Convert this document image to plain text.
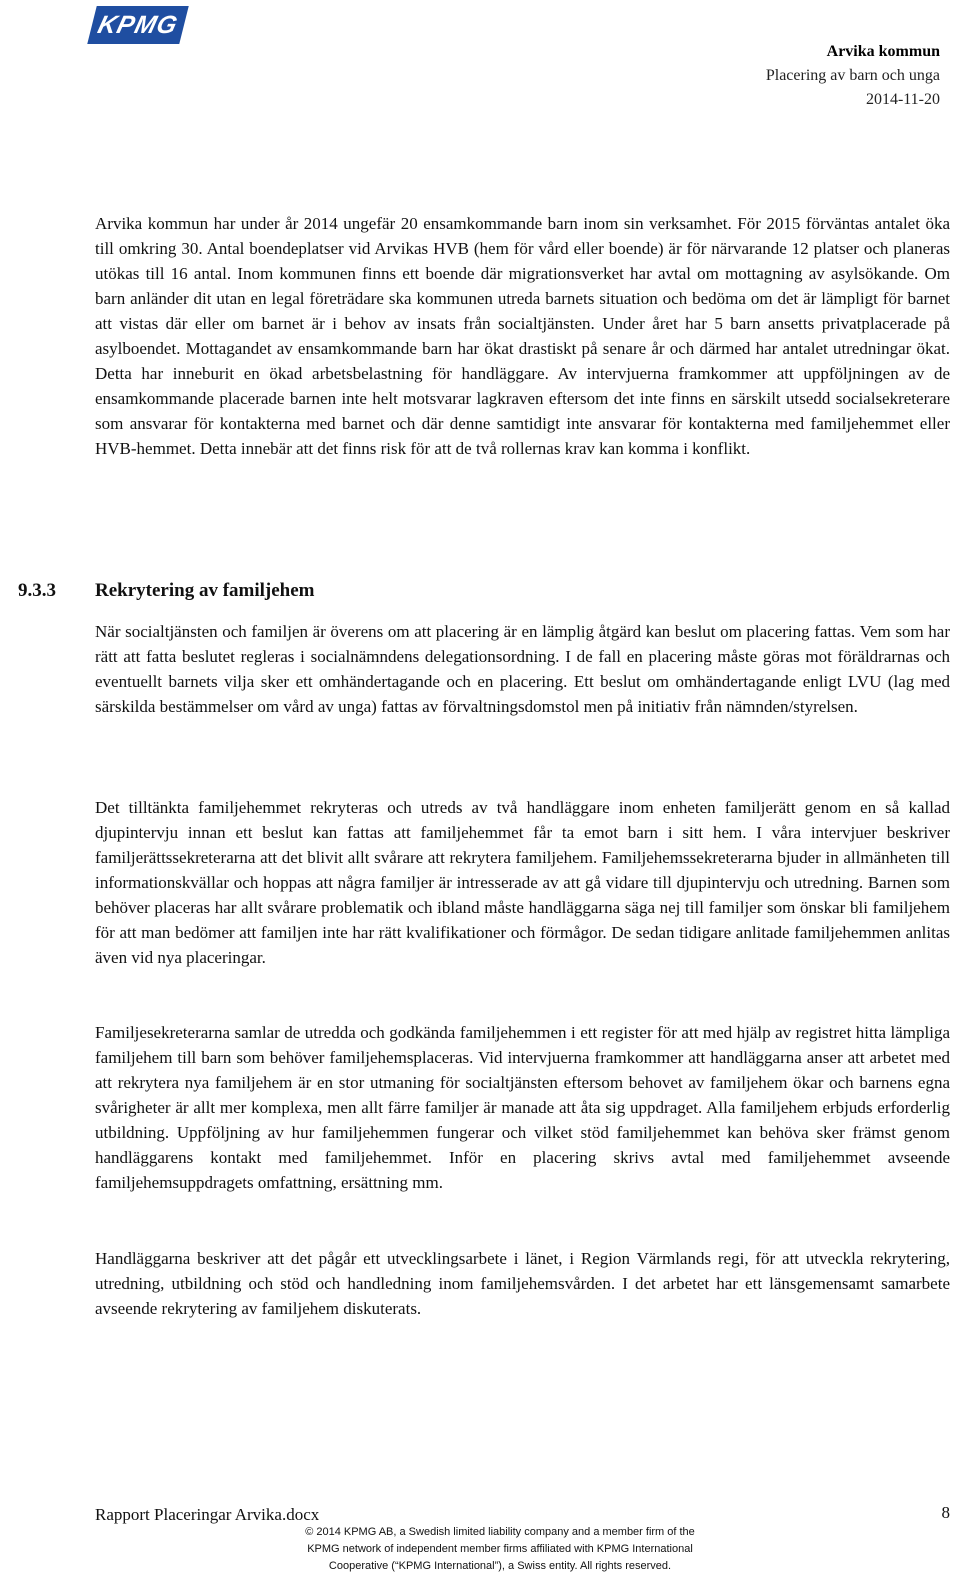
KPMG
Arvika kommun
Placering av barn och unga
2014-11-20

Arvika kommun har under år 2014 ungefär 20 ensamkommande barn inom sin verksamhet. För 2015 förväntas antalet öka till omkring 30. Antal boendeplatser vid Arvikas HVB (hem för vård eller boende) är för närvarande 12 platser och planeras utökas till 16 antal. Inom kommunen finns ett boende där migrationsverket har avtal om mottagning av asylsökande. Om barn anländer dit utan en legal företrädare ska kommunen utreda barnets situation och bedöma om det är lämpligt för barnet att vistas där eller om barnet är i behov av insats från socialtjänsten. Under året har 5 barn ansetts privatplacerade på asylboendet. Mottagandet av ensamkommande barn har ökat drastiskt på senare år och därmed har antalet utredningar ökat. Detta har inneburit en ökad arbetsbelastning för handläggare. Av intervjuerna framkommer att uppföljningen av de ensamkommande placerade barnen inte helt motsvarar lagkraven eftersom det inte finns en särskilt utsedd socialsekreterare som ansvarar för kontakterna med barnet och där denne samtidigt inte ansvarar för kontakterna med familjehemmet eller HVB-hemmet. Detta innebär att det finns risk för att de två rollernas krav kan komma i konflikt.

9.3.3 Rekrytering av familjehem

När socialtjänsten och familjen är överens om att placering är en lämplig åtgärd kan beslut om placering fattas. Vem som har rätt att fatta beslutet regleras i socialnämndens delegationsordning. I de fall en placering måste göras mot föräldrarnas och eventuellt barnets vilja sker ett omhändertagande och en placering. Ett beslut om omhändertagande enligt LVU (lag med särskilda bestämmelser om vård av unga) fattas av förvaltningsdomstol men på initiativ från nämnden/styrelsen.

Det tilltänkta familjehemmet rekryteras och utreds av två handläggare inom enheten familjerätt genom en så kallad djupintervju innan ett beslut kan fattas att familjehemmet får ta emot barn i sitt hem. I våra intervjuer beskriver familjerättssekreterarna att det blivit allt svårare att rekrytera familjehem. Familjehemssekreterarna bjuder in allmänheten till informationskvällar och hoppas att några familjer är intresserade av att gå vidare till djupintervju och utredning. Barnen som behöver placeras har allt svårare problematik och ibland måste handläggarna säga nej till familjer som önskar bli familjehem för att man bedömer att familjen inte har rätt kvalifikationer och förmågor. De sedan tidigare anlitade familjehemmen anlitas även vid nya placeringar.

Familjesekreterarna samlar de utredda och godkända familjehemmen i ett register för att med hjälp av registret hitta lämpliga familjehem till barn som behöver familjehemsplaceras. Vid intervjuerna framkommer att handläggarna anser att arbetet med att rekrytera nya familjehem är en stor utmaning för socialtjänsten eftersom behovet av familjehem ökar och barnens egna svårigheter är allt mer komplexa, men allt färre familjer är manade att åta sig uppdraget. Alla familjehem erbjuds erforderlig utbildning. Uppföljning av hur familjehemmen fungerar och vilket stöd familjehemmet kan behöva sker främst genom handläggarens kontakt med familjehemmet. Inför en placering skrivs avtal med familjehemmet avseende familjehemsuppdragets omfattning, ersättning mm.

Handläggarna beskriver att det pågår ett utvecklingsarbete i länet, i Region Värmlands regi, för att utveckla rekrytering, utredning, utbildning och stöd och handledning inom familjehemsvården. I det arbetet har ett länsgemensamt samarbete avseende rekrytering av familjehem diskuterats.

Rapport Placeringar Arvika.docx	8
© 2014 KPMG AB, a Swedish limited liability company and a member firm of the
KPMG network of independent member firms affiliated with KPMG International
Cooperative (“KPMG International”), a Swiss entity. All rights reserved.
